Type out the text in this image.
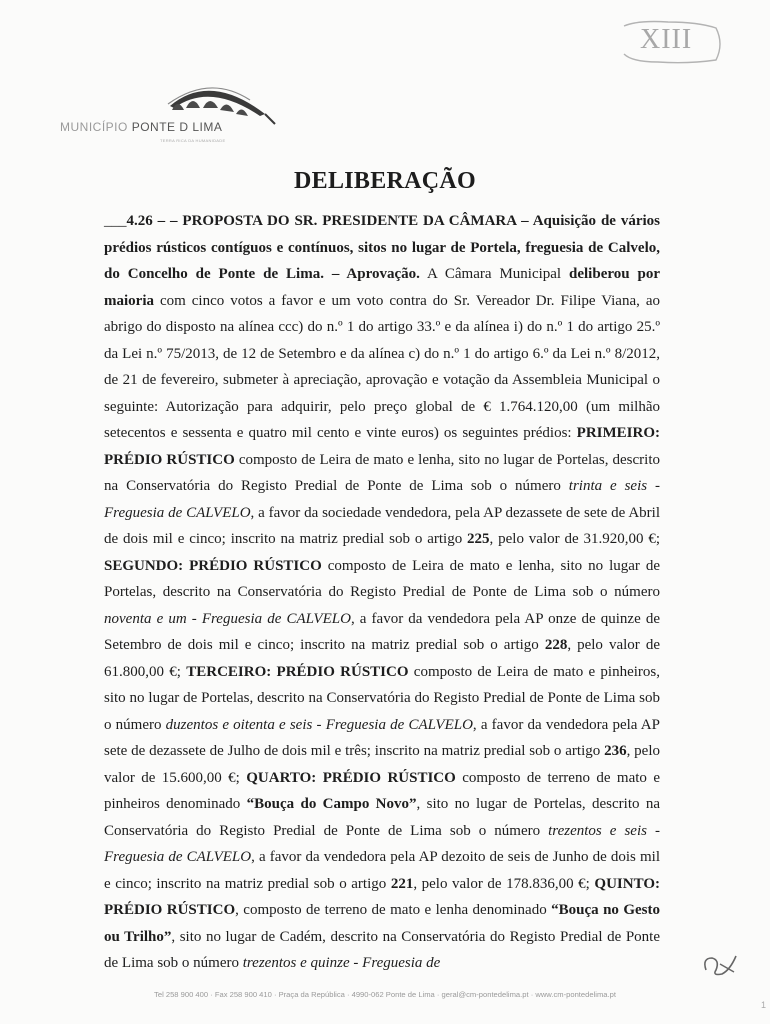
XIII
MUNICÍPIO PONTE D LIMA
TERRA RICA DA HUMANIDADE
DELIBERAÇÃO
___4.26 – – PROPOSTA DO SR. PRESIDENTE DA CÂMARA – Aquisição de vários prédios rústicos contíguos e contínuos, sitos no lugar de Portela, freguesia de Calvelo, do Concelho de Ponte de Lima. – Aprovação. A Câmara Municipal deliberou por maioria com cinco votos a favor e um voto contra do Sr. Vereador Dr. Filipe Viana, ao abrigo do disposto na alínea ccc) do n.º 1 do artigo 33.º e da alínea i) do n.º 1 do artigo 25.º da Lei n.º 75/2013, de 12 de Setembro e da alínea c) do n.º 1 do artigo 6.º da Lei n.º 8/2012, de 21 de fevereiro, submeter à apreciação, aprovação e votação da Assembleia Municipal o seguinte: Autorização para adquirir, pelo preço global de € 1.764.120,00 (um milhão setecentos e sessenta e quatro mil cento e vinte euros) os seguintes prédios: PRIMEIRO: PRÉDIO RÚSTICO composto de Leira de mato e lenha, sito no lugar de Portelas, descrito na Conservatória do Registo Predial de Ponte de Lima sob o número trinta e seis - Freguesia de CALVELO, a favor da sociedade vendedora, pela AP dezassete de sete de Abril de dois mil e cinco; inscrito na matriz predial sob o artigo 225, pelo valor de 31.920,00 €; SEGUNDO: PRÉDIO RÚSTICO composto de Leira de mato e lenha, sito no lugar de Portelas, descrito na Conservatória do Registo Predial de Ponte de Lima sob o número noventa e um - Freguesia de CALVELO, a favor da vendedora pela AP onze de quinze de Setembro de dois mil e cinco; inscrito na matriz predial sob o artigo 228, pelo valor de 61.800,00 €; TERCEIRO: PRÉDIO RÚSTICO composto de Leira de mato e pinheiros, sito no lugar de Portelas, descrito na Conservatória do Registo Predial de Ponte de Lima sob o número duzentos e oitenta e seis - Freguesia de CALVELO, a favor da vendedora pela AP sete de dezassete de Julho de dois mil e três; inscrito na matriz predial sob o artigo 236, pelo valor de 15.600,00 €; QUARTO: PRÉDIO RÚSTICO composto de terreno de mato e pinheiros denominado “Bouça do Campo Novo”, sito no lugar de Portelas, descrito na Conservatória do Registo Predial de Ponte de Lima sob o número trezentos e seis - Freguesia de CALVELO, a favor da vendedora pela AP dezoito de seis de Junho de dois mil e cinco; inscrito na matriz predial sob o artigo 221, pelo valor de 178.836,00 €; QUINTO: PRÉDIO RÚSTICO, composto de terreno de mato e lenha denominado “Bouça no Gesto ou Trilho”, sito no lugar de Cadém, descrito na Conservatória do Registo Predial de Ponte de Lima sob o número trezentos e quinze - Freguesia de
Tel 258 900 400 · Fax 258 900 410 · Praça da República · 4990-062 Ponte de Lima · geral@cm-pontedelima.pt · www.cm-pontedelima.pt
1
